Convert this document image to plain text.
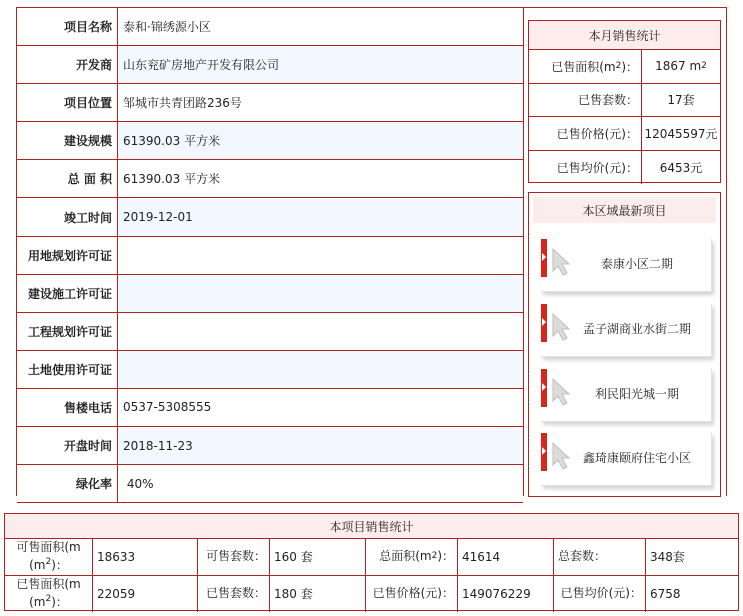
项目名称 泰和·锦绣源小区
开发商 山东兖矿房地产开发有限公司
项目位置 邹城市共青团路236号
建设规模 61390.03 平方米
总 面 积 61390.03 平方米
竣工时间 2019-12-01
用地规划许可证
建设施工许可证
工程规划许可证
土地使用许可证
售楼电话 0537-5308555
开盘时间 2018-11-23
绿化率 40%
本月销售统计
已售面积(m 2 )： 1867 m 2
已售套数：	17套
已售价格(元)： 12045597元
已售均价(元)：	6453元
本区域最新项目
泰康小区二期
孟子湖商业水街二期
利民阳光城一期
鑫琦康颐府住宅小区
本项目销售统计
可售面积(m
$(m^2)$：
18633	可售套数： 160 套	总面积(m 2 )： 41614	总套数：	348套
已售面积(m
$(m^2)$：
22059	已售套数： 180 套	已售价格(元)： 149076229	已售均价(元)： 6758
